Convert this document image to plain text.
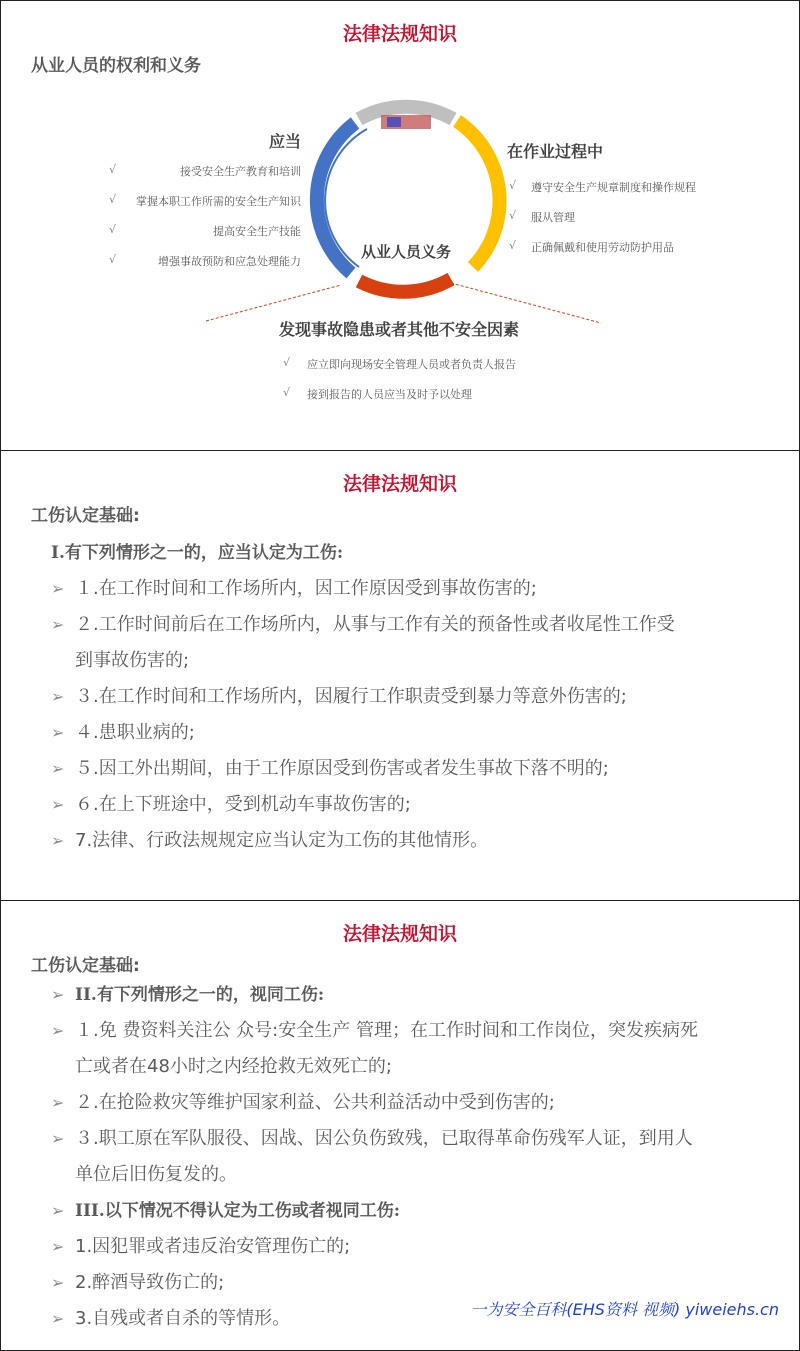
法律法规知识
从业人员的权利和义务
从业人员义务
应当
√	接受安全生产教育和培训
√ 掌握本职工作所需的安全生产知识
√	提高安全生产技能
√	增强事故预防和应急处理能力
在作业过程中
√ 遵守安全生产规章制度和操作规程
√ 服从管理
√ 正确佩戴和使用劳动防护用品
发现事故隐患或者其他不安全因素
√ 应立即向现场安全管理人员或者负责人报告
√ 接到报告的人员应当及时予以处理
法律法规知识
工伤认定基础:
I.有下列情形之一的，应当认定为工伤:
➢ １.在工作时间和工作场所内，因工作原因受到事故伤害的;
➢ ２.工作时间前后在工作场所内，从事与工作有关的预备性或者收尾性工作受
到事故伤害的;
➢ ３.在工作时间和工作场所内，因履行工作职责受到暴力等意外伤害的;
➢ ４.患职业病的;
➢ ５.因工外出期间，由于工作原因受到伤害或者发生事故下落不明的;
➢ ６.在上下班途中，受到机动车事故伤害的;
➢ 7.法律、行政法规规定应当认定为工伤的其他情形。
法律法规知识
工伤认定基础:
➢ II.有下列情形之一的，视同工伤:
➢ １.免 费资料关注公 众号:安全生产 管理；在工作时间和工作岗位，突发疾病死
亡或者在48小时之内经抢救无效死亡的;
➢ ２.在抢险救灾等维护国家利益、公共利益活动中受到伤害的;
➢ ３.职工原在军队服役、因战、因公负伤致残，已取得革命伤残军人证，到用人
单位后旧伤复发的。
➢ III.以下情况不得认定为工伤或者视同工伤:
➢ 1.因犯罪或者违反治安管理伤亡的;
➢ 2.醉酒导致伤亡的;
➢ 3.自残或者自杀的等情形。	一为安全百科(EHS资料 视频) yiweiehs.cn
